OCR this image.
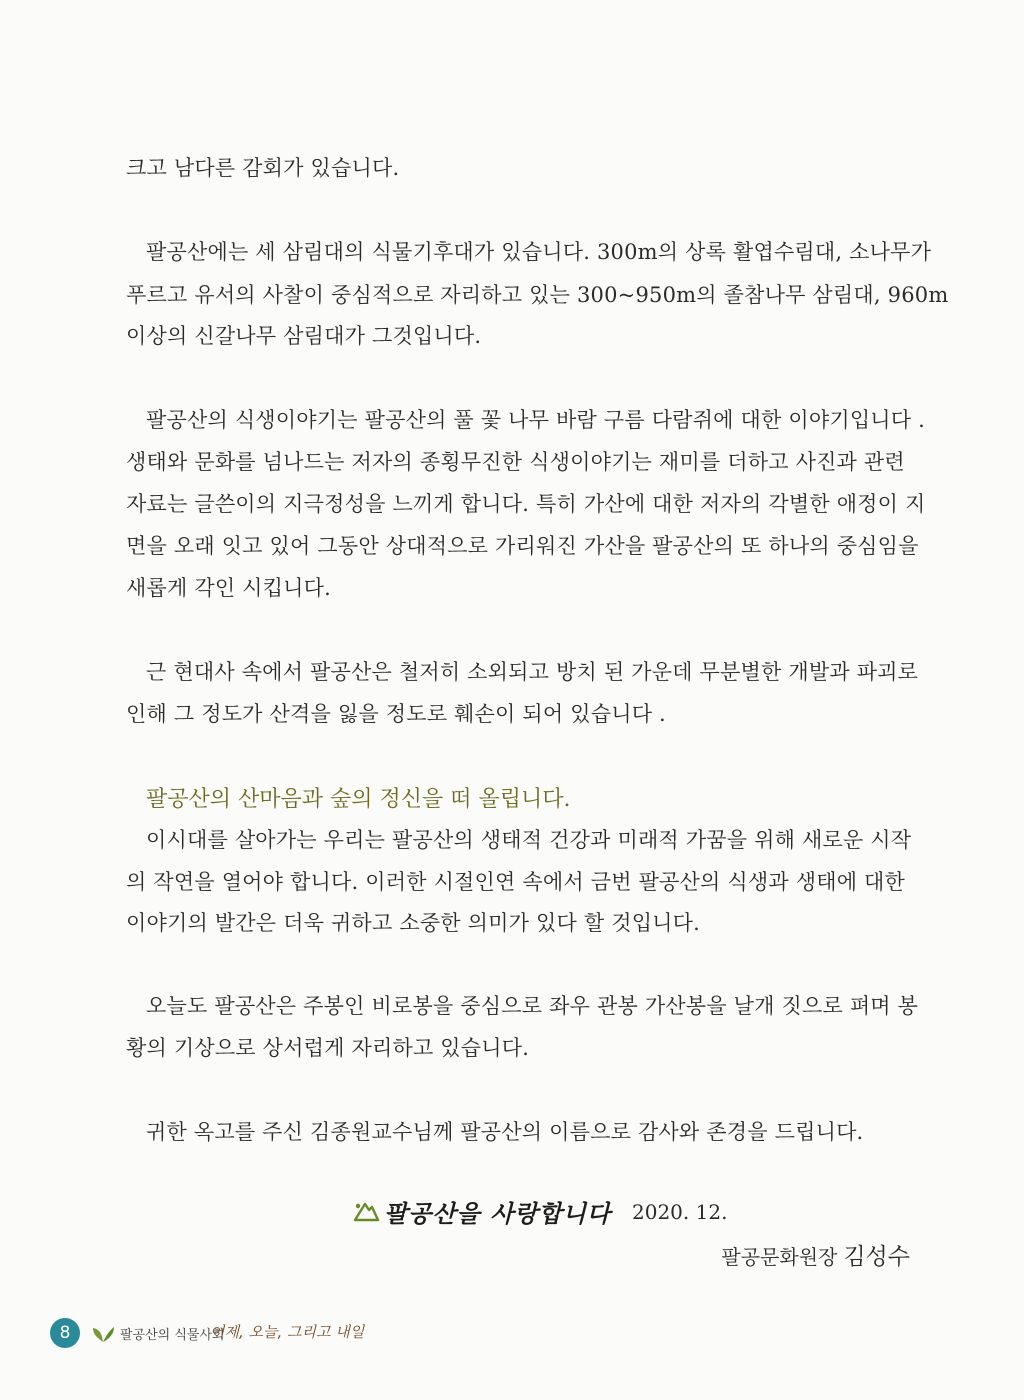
크고 남다른 감회가 있습니다.
팔공산에는 세 삼림대의 식물기후대가 있습니다. 300m의 상록 활엽수림대, 소나무가
푸르고 유서의 사찰이 중심적으로 자리하고 있는 300~950m의 졸참나무 삼림대, 960m
이상의 신갈나무 삼림대가 그것입니다.
팔공산의 식생이야기는 팔공산의 풀 꽃 나무 바람 구름 다람쥐에 대한 이야기입니다 .
생태와 문화를 넘나드는 저자의 종횡무진한 식생이야기는 재미를 더하고 사진과 관련
자료는 글쓴이의 지극정성을 느끼게 합니다. 특히 가산에 대한 저자의 각별한 애정이 지
면을 오래 잇고 있어 그동안 상대적으로 가리워진 가산을 팔공산의 또 하나의 중심임을
새롭게 각인 시킵니다.
근 현대사 속에서 팔공산은 철저히 소외되고 방치 된 가운데 무분별한 개발과 파괴로
인해 그 정도가 산격을 잃을 정도로 훼손이 되어 있습니다 .
팔공산의 산마음과 숲의 정신을 떠 올립니다.
이시대를 살아가는 우리는 팔공산의 생태적 건강과 미래적 가꿈을 위해 새로운 시작
의 작연을 열어야 합니다. 이러한 시절인연 속에서 금번 팔공산의 식생과 생태에 대한
이야기의 발간은 더욱 귀하고 소중한 의미가 있다 할 것입니다.
오늘도 팔공산은 주봉인 비로봉을 중심으로 좌우 관봉 가산봉을 날개 짓으로 펴며 봉
황의 기상으로 상서럽게 자리하고 있습니다.
귀한 옥고를 주신 김종원교수님께 팔공산의 이름으로 감사와 존경을 드립니다.
팔공산을 사랑합니다 2020. 12.
팔공문화원장 김성수
8	팔공산의 식물사회
어제, 오늘, 그리고 내일
